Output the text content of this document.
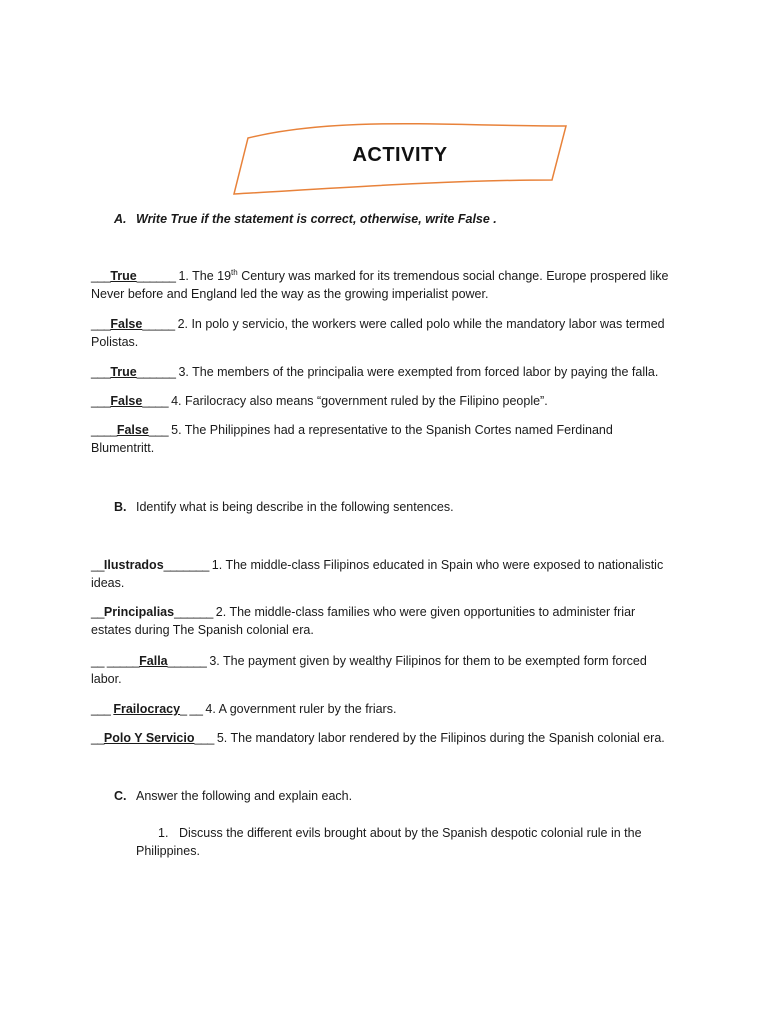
ACTIVITY
A. Write True if the statement is correct, otherwise, write False .
___True______ 1. The 19th Century was marked for its tremendous social change. Europe prospered like
Never before and England led the way as the growing imperialist power.
___False_____ 2. In polo y servicio, the workers were called polo while the mandatory labor was termed
Polistas.
___True______ 3. The members of the principalia were exempted from forced labor by paying the falla.
___False____ 4. Farilocracy also means “government ruled by the Filipino people”.
____False___ 5. The Philippines had a representative to the Spanish Cortes named Ferdinand
Blumentritt.
B. Identify what is being describe in the following sentences.
__Ilustrados_______ 1. The middle-class Filipinos educated in Spain who were exposed to nationalistic
ideas.
__Principalias______ 2. The middle-class families who were given opportunities to administer friar
estates during The Spanish colonial era.
__ _____Falla______ 3. The payment given by wealthy Filipinos for them to be exempted form forced
labor.
___ Frailocracy_ __ 4. A government ruler by the friars.
__Polo Y Servicio___ 5. The mandatory labor rendered by the Filipinos during the Spanish colonial era.
C. Answer the following and explain each.
1. Discuss the different evils brought about by the Spanish despotic colonial rule in the
Philippines.
